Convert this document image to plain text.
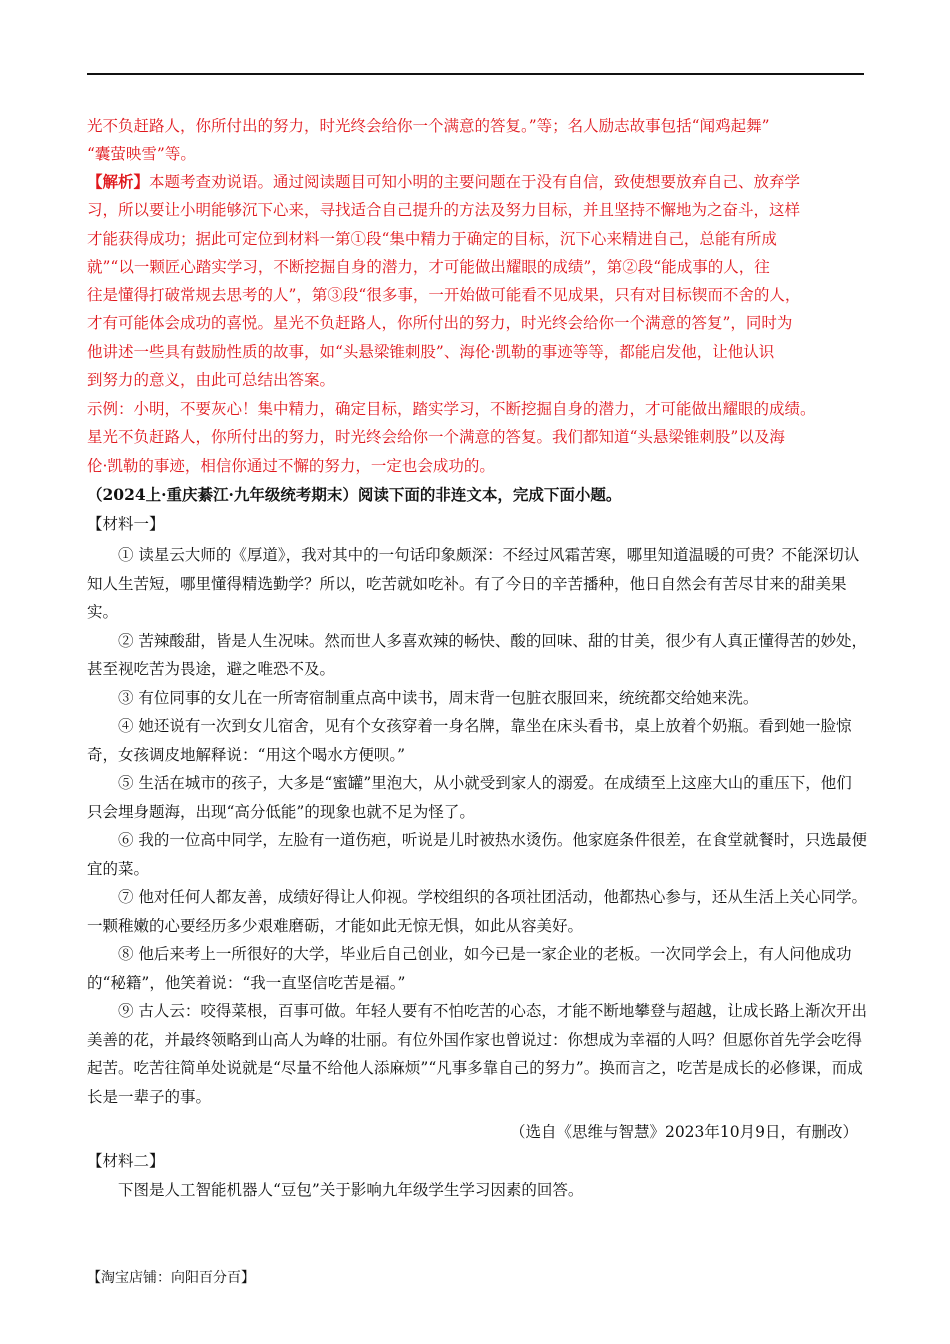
光不负赶路人，你所付出的努力，时光终会给你一个满意的答复。”等；名人励志故事包括“闻鸡起舞”
“囊萤映雪”等。
【解析】本题考查劝说语。通过阅读题目可知小明的主要问题在于没有自信，致使想要放弃自己、放弃学
习，所以要让小明能够沉下心来，寻找适合自己提升的方法及努力目标，并且坚持不懈地为之奋斗，这样
才能获得成功；据此可定位到材料一第①段“集中精力于确定的目标，沉下心来精进自己，总能有所成
就”“以一颗匠心踏实学习，不断挖掘自身的潜力，才可能做出耀眼的成绩”，第②段“能成事的人，往
往是懂得打破常规去思考的人”，第③段“很多事，一开始做可能看不见成果，只有对目标锲而不舍的人，
才有可能体会成功的喜悦。星光不负赶路人，你所付出的努力，时光终会给你一个满意的答复”，同时为
他讲述一些具有鼓励性质的故事，如“头悬梁锥刺股”、海伦·凯勒的事迹等等，都能启发他，让他认识
到努力的意义，由此可总结出答案。
示例：小明，不要灰心！集中精力，确定目标，踏实学习，不断挖掘自身的潜力，才可能做出耀眼的成绩。
星光不负赶路人，你所付出的努力，时光终会给你一个满意的答复。我们都知道“头悬梁锥刺股”以及海
伦·凯勒的事迹，相信你通过不懈的努力，一定也会成功的。
（2024上·重庆綦江·九年级统考期末）阅读下面的非连文本，完成下面小题。
【材料一】
① 读星云大师的《厚道》，我对其中的一句话印象颇深：不经过风霜苦寒，哪里知道温暖的可贵？不能深切认知人生苦短，哪里懂得精选勤学？所以，吃苦就如吃补。有了今日的辛苦播种，他日自然会有苦尽甘来的甜美果实。
② 苦辣酸甜，皆是人生况味。然而世人多喜欢辣的畅快、酸的回味、甜的甘美，很少有人真正懂得苦的妙处，甚至视吃苦为畏途，避之唯恐不及。
③ 有位同事的女儿在一所寄宿制重点高中读书，周末背一包脏衣服回来，统统都交给她来洗。
④ 她还说有一次到女儿宿舍，见有个女孩穿着一身名牌，靠坐在床头看书，桌上放着个奶瓶。看到她一脸惊奇，女孩调皮地解释说：“用这个喝水方便呗。”
⑤ 生活在城市的孩子，大多是“蜜罐”里泡大，从小就受到家人的溺爱。在成绩至上这座大山的重压下，他们只会埋身题海，出现“高分低能”的现象也就不足为怪了。
⑥ 我的一位高中同学，左脸有一道伤疤，听说是儿时被热水烫伤。他家庭条件很差，在食堂就餐时，只选最便宜的菜。
⑦ 他对任何人都友善，成绩好得让人仰视。学校组织的各项社团活动，他都热心参与，还从生活上关心同学。一颗稚嫩的心要经历多少艰难磨砺，才能如此无惊无惧，如此从容美好。
⑧ 他后来考上一所很好的大学，毕业后自己创业，如今已是一家企业的老板。一次同学会上，有人问他成功的“秘籍”，他笑着说：“我一直坚信吃苦是福。”
⑨ 古人云：咬得菜根，百事可做。年轻人要有不怕吃苦的心态，才能不断地攀登与超越，让成长路上渐次开出美善的花，并最终领略到山高人为峰的壮丽。有位外国作家也曾说过：你想成为幸福的人吗？但愿你首先学会吃得起苦。吃苦往简单处说就是“尽量不给他人添麻烦”“凡事多靠自己的努力”。换而言之，吃苦是成长的必修课，而成长是一辈子的事。
（选自《思维与智慧》2023年10月9日，有删改）
【材料二】
下图是人工智能机器人“豆包”关于影响九年级学生学习因素的回答。
【淘宝店铺：向阳百分百】
